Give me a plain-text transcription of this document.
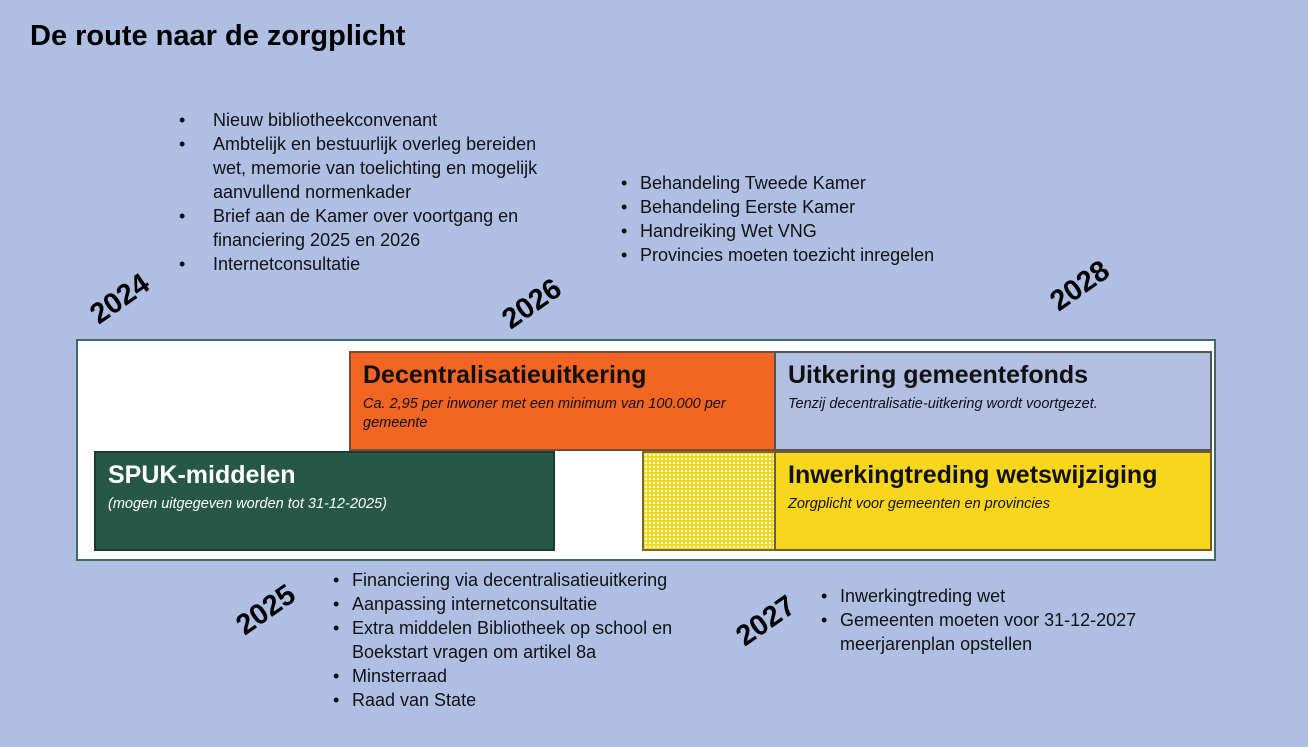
De route naar de zorgplicht
2024	2026	2028
2025	2027
• Nieuw bibliotheekconvenant
• Ambtelijk en bestuurlijk overleg bereiden wet, memorie van toelichting en mogelijk aanvullend normenkader
• Brief aan de Kamer over voortgang en financiering 2025 en 2026
• Internetconsultatie
• Behandeling Tweede Kamer
• Behandeling Eerste Kamer
• Handreiking Wet VNG
• Provincies moeten toezicht inregelen
Decentralisatieuitkering
Ca. 2,95 per inwoner met een minimum van 100.000 per gemeente
Uitkering gemeentefonds
Tenzij decentralisatie-uitkering wordt voortgezet.
SPUK-middelen
(mogen uitgegeven worden tot 31-12-2025)
Inwerkingtreding wetswijziging
Zorgplicht voor gemeenten en provincies
• Financiering via decentralisatieuitkering
• Aanpassing internetconsultatie
• Extra middelen Bibliotheek op school en Boekstart vragen om artikel 8a
• Minsterraad
• Raad van State
• Inwerkingtreding wet
• Gemeenten moeten voor 31-12-2027 meerjarenplan opstellen
